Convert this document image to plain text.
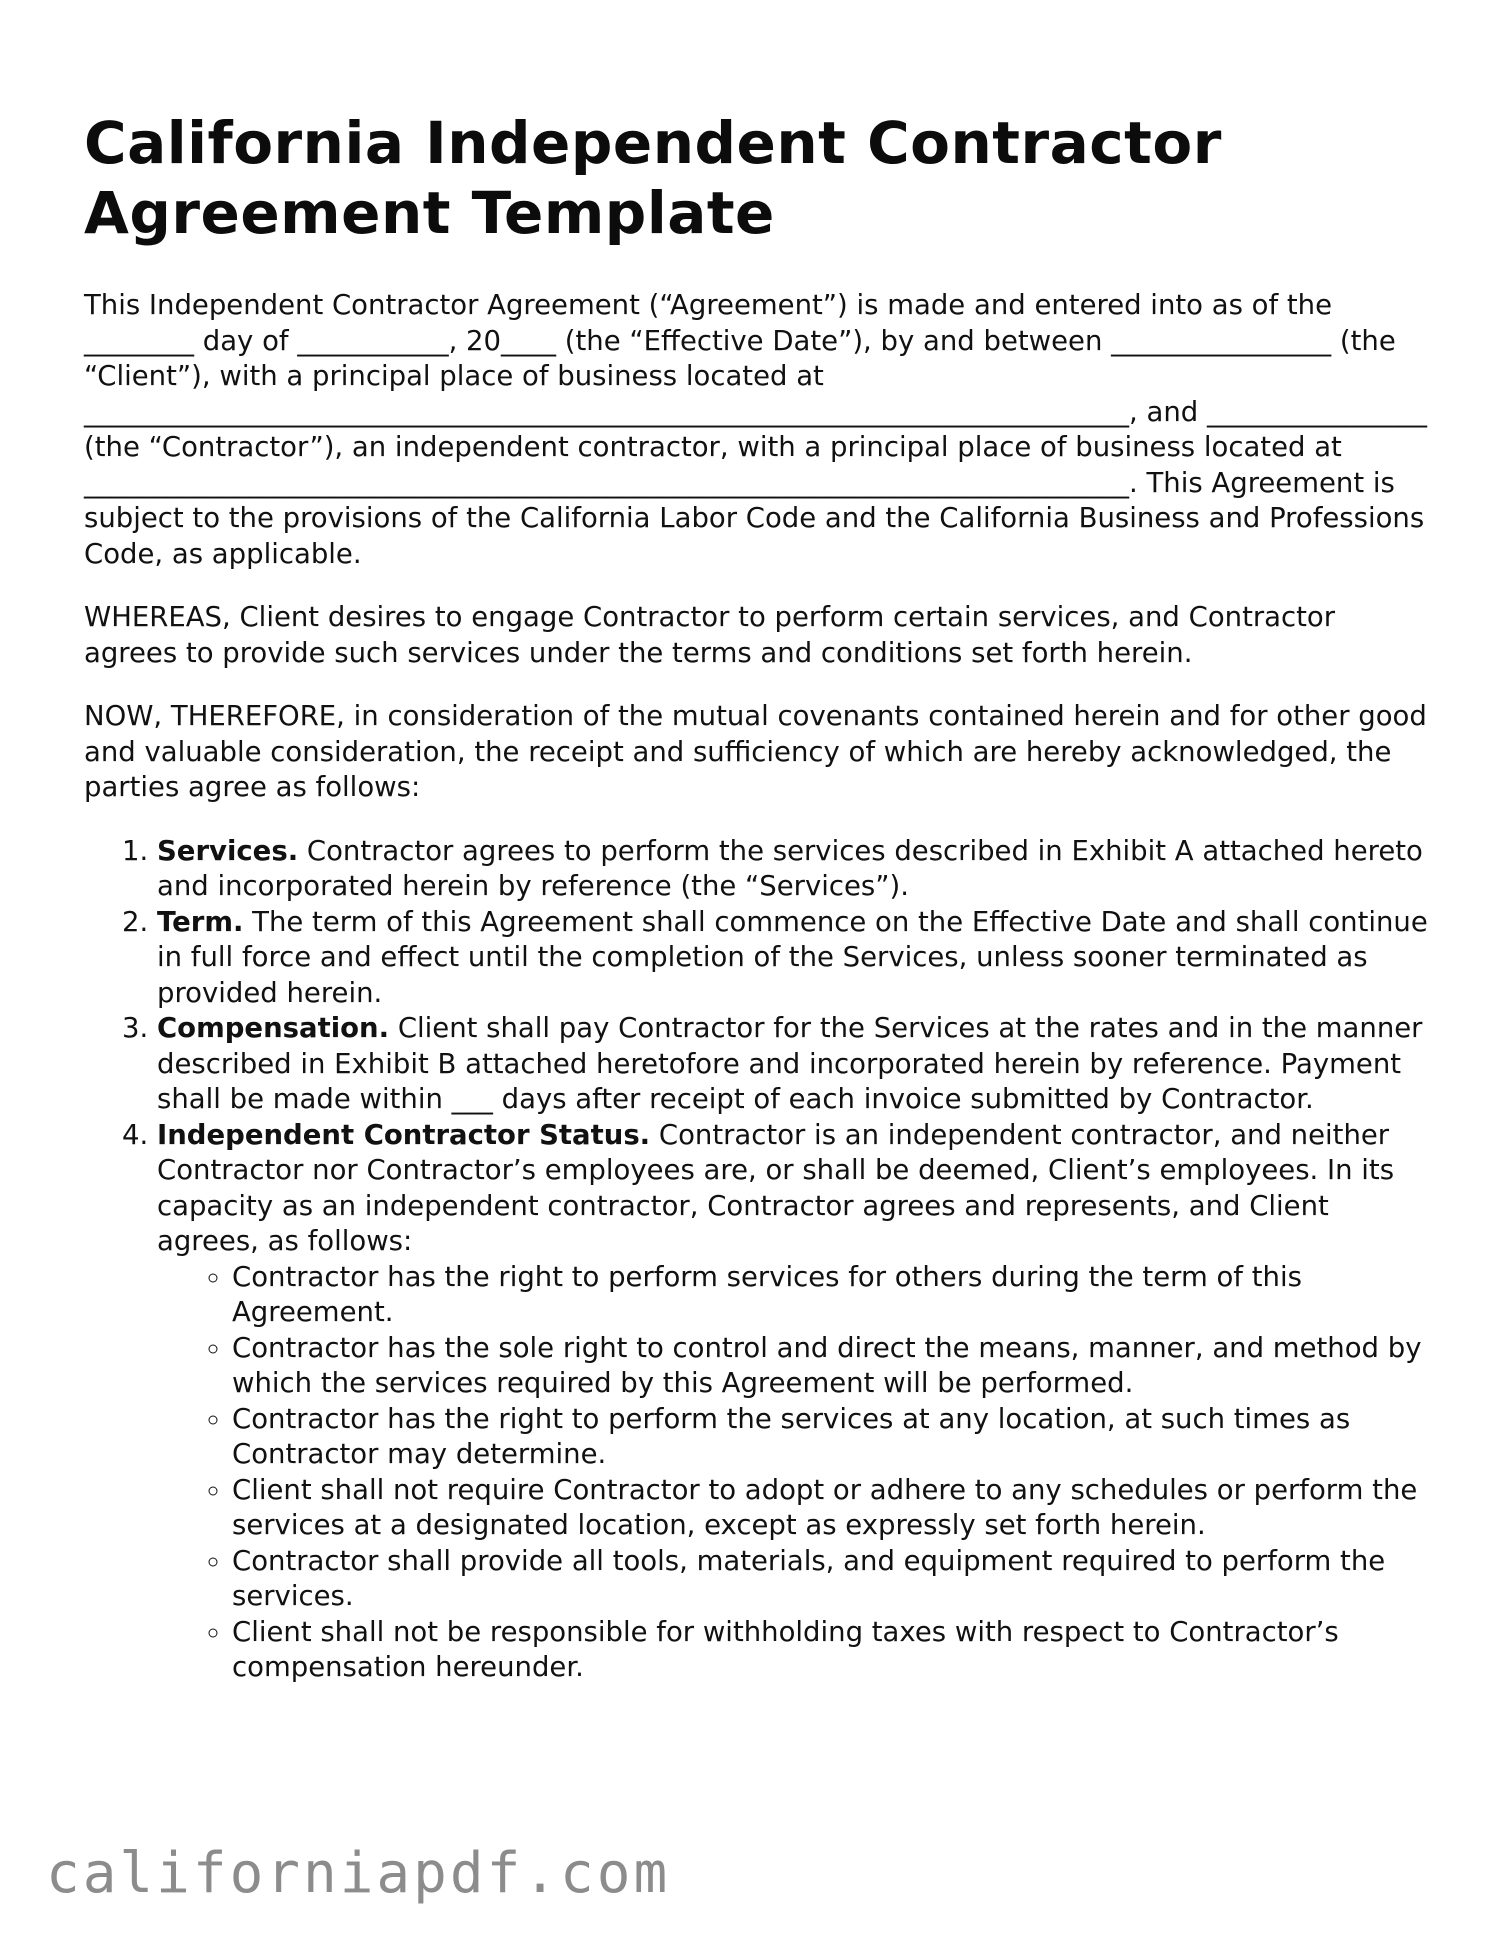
California Independent Contractor Agreement Template

This Independent Contractor Agreement (“Agreement”) is made and entered into as of the ________ day of ___________, 20____ (the “Effective Date”), by and between ________________ (the “Client”), with a principal place of business located at ____________________________________________________________________________, and ________________ (the “Contractor”), an independent contractor, with a principal place of business located at ____________________________________________________________________________. This Agreement is subject to the provisions of the California Labor Code and the California Business and Professions Code, as applicable.

WHEREAS, Client desires to engage Contractor to perform certain services, and Contractor agrees to provide such services under the terms and conditions set forth herein.

NOW, THEREFORE, in consideration of the mutual covenants contained herein and for other good and valuable consideration, the receipt and sufficiency of which are hereby acknowledged, the parties agree as follows:

1. Services. Contractor agrees to perform the services described in Exhibit A attached hereto and incorporated herein by reference (the “Services”).
2. Term. The term of this Agreement shall commence on the Effective Date and shall continue in full force and effect until the completion of the Services, unless sooner terminated as provided herein.
3. Compensation. Client shall pay Contractor for the Services at the rates and in the manner described in Exhibit B attached heretofore and incorporated herein by reference. Payment shall be made within ___ days after receipt of each invoice submitted by Contractor.
4. Independent Contractor Status. Contractor is an independent contractor, and neither Contractor nor Contractor’s employees are, or shall be deemed, Client’s employees. In its capacity as an independent contractor, Contractor agrees and represents, and Client agrees, as follows:
◦ Contractor has the right to perform services for others during the term of this Agreement.
◦ Contractor has the sole right to control and direct the means, manner, and method by which the services required by this Agreement will be performed.
◦ Contractor has the right to perform the services at any location, at such times as Contractor may determine.
◦ Client shall not require Contractor to adopt or adhere to any schedules or perform the services at a designated location, except as expressly set forth herein.
◦ Contractor shall provide all tools, materials, and equipment required to perform the services.
◦ Client shall not be responsible for withholding taxes with respect to Contractor’s compensation hereunder.
californiapdf.com
